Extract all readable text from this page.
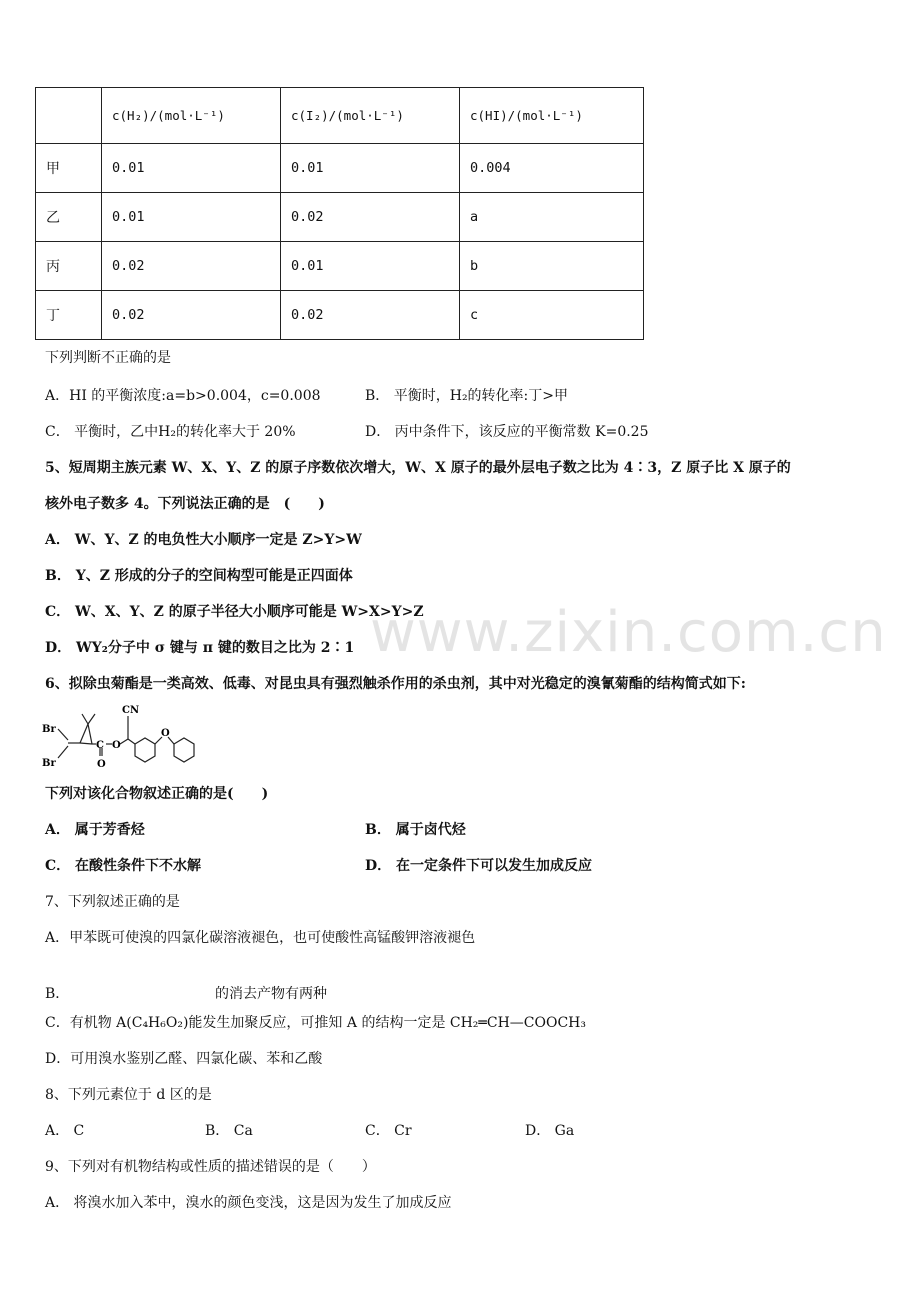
	c(H₂)/(mol·L⁻¹)	c(I₂)/(mol·L⁻¹)	c(HI)/(mol·L⁻¹)
甲	0.01	0.01	0.004
乙	0.01	0.02	a
丙	0.02	0.01	b
丁	0.02	0.02	c
下列判断不正确的是
A．HI 的平衡浓度:a=b>0.004，c=0.008	B． 平衡时，H₂的转化率:丁>甲
C． 平衡时，乙中H₂的转化率大于 20%	D． 丙中条件下，该反应的平衡常数 K=0.25
5、短周期主族元素 W、X、Y、Z 的原子序数依次增大，W、X 原子的最外层电子数之比为 4∶3，Z 原子比 X 原子的
核外电子数多 4。下列说法正确的是　(　　)
A． W、Y、Z 的电负性大小顺序一定是 Z>Y>W
B． Y、Z 形成的分子的空间构型可能是正四面体
C． W、X、Y、Z 的原子半径大小顺序可能是 W>X>Y>Z
D． WY₂分子中 σ 键与 π 键的数目之比为 2∶1
6、拟除虫菊酯是一类高效、低毒、对昆虫具有强烈触杀作用的杀虫剂，其中对光稳定的溴氰菊酯的结构简式如下:
Br
Br
CN
C
O
O
O
下列对该化合物叙述正确的是(　　)
A． 属于芳香烃	B． 属于卤代烃
C． 在酸性条件下不水解	D． 在一定条件下可以发生加成反应
7、下列叙述正确的是
A．甲苯既可使溴的四氯化碳溶液褪色，也可使酸性高锰酸钾溶液褪色
B．	的消去产物有两种
C．有机物 A(C₄H₆O₂)能发生加聚反应，可推知 A 的结构一定是 CH₂═CH—COOCH₃
D．可用溴水鉴别乙醛、四氯化碳、苯和乙酸
8、下列元素位于 d 区的是
A． C	B． Ca	C． Cr	D． Ga
9、下列对有机物结构或性质的描述错误的是（　　）
A． 将溴水加入苯中，溴水的颜色变浅，这是因为发生了加成反应
www.zixin.com.cn
